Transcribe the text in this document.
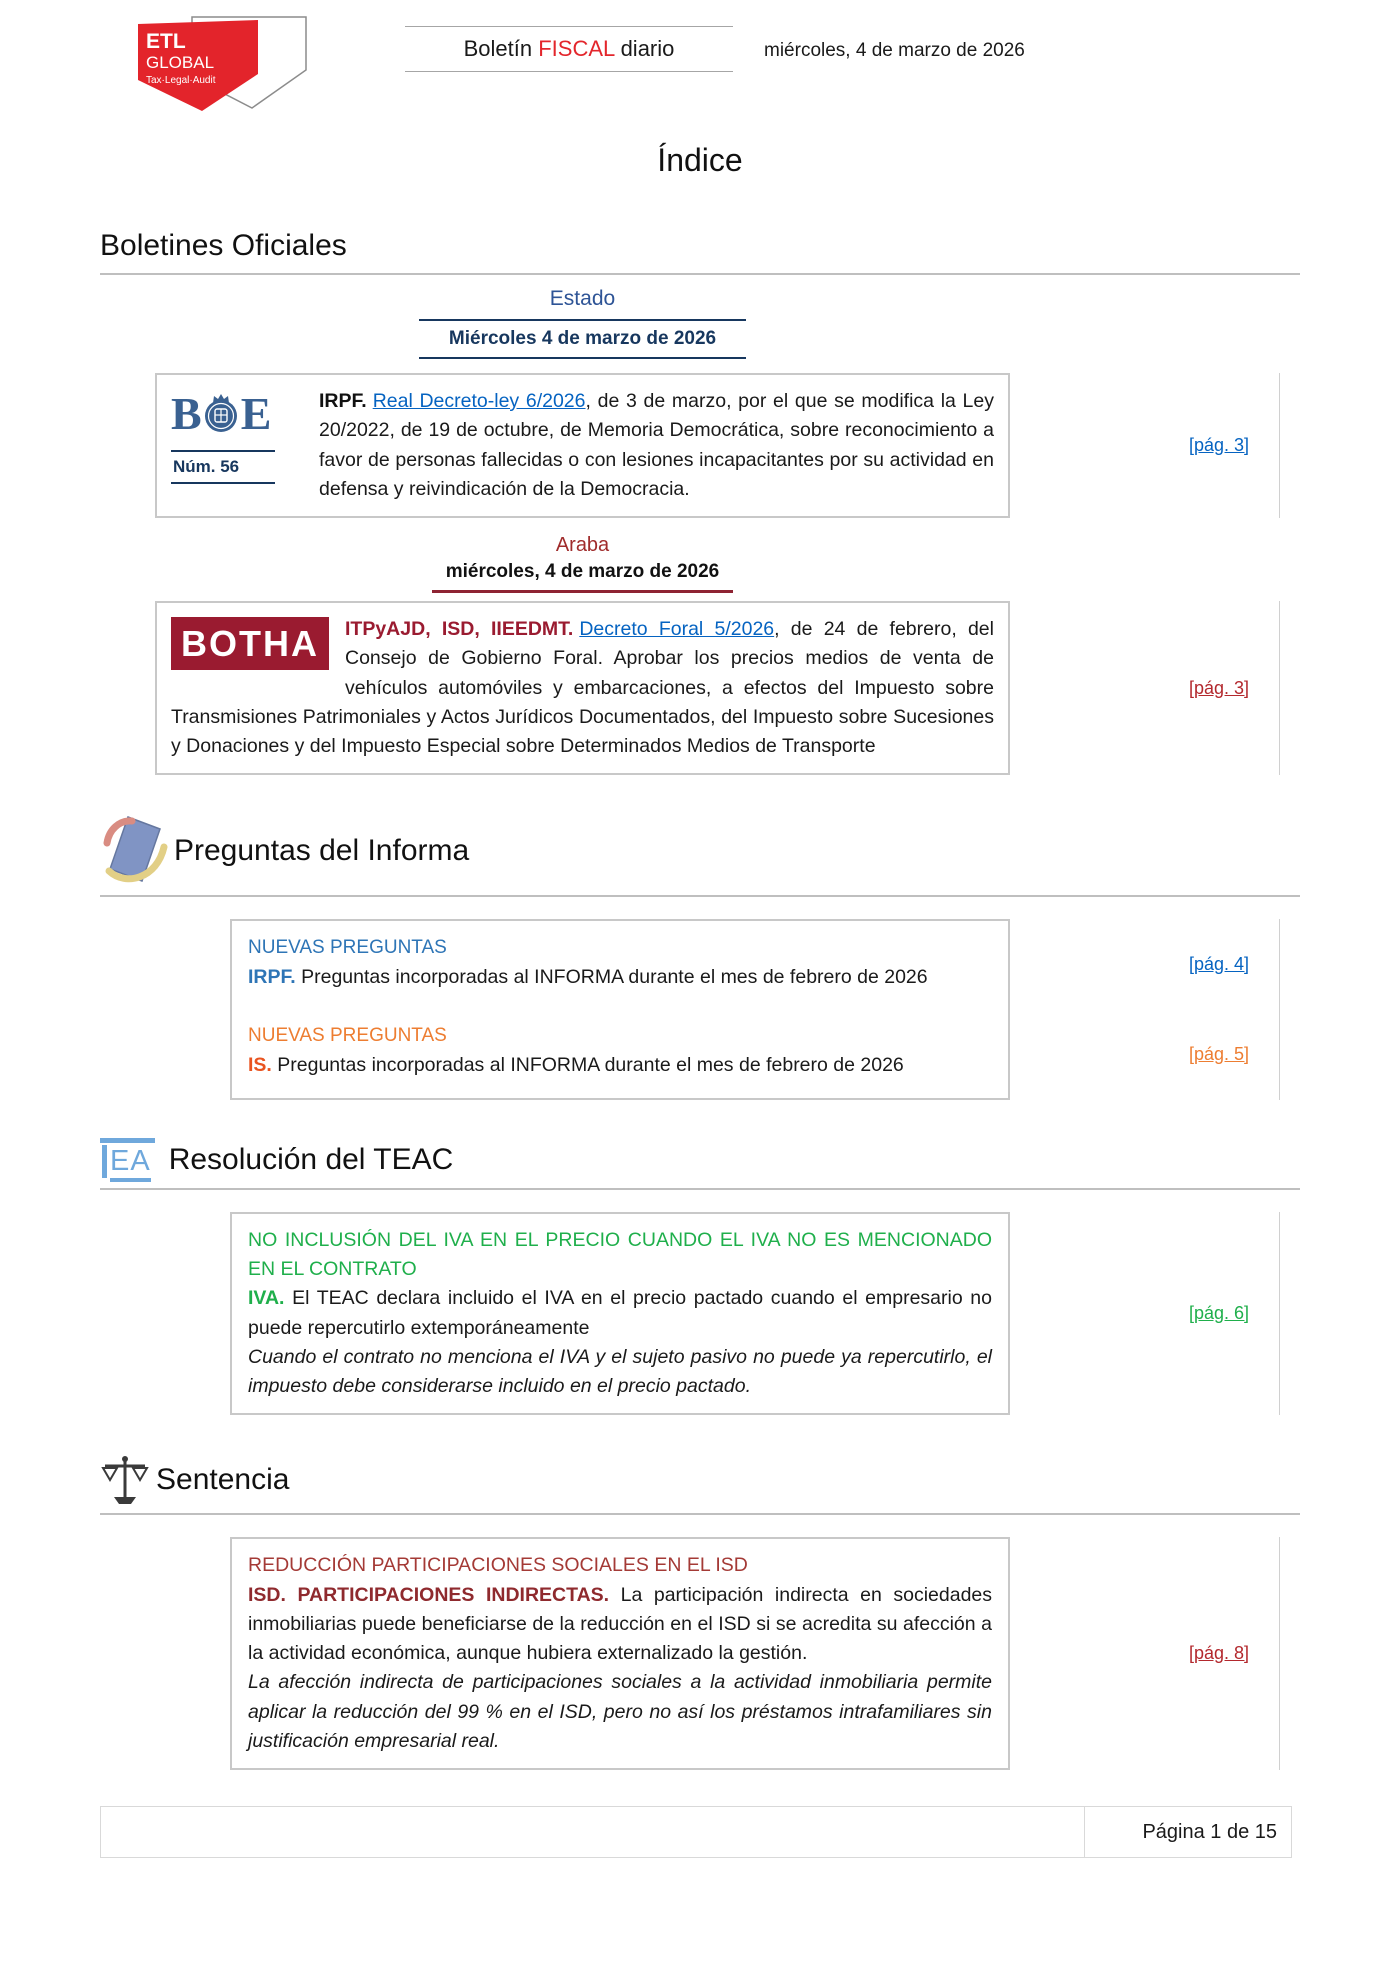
ETL
GLOBAL
Tax·Legal·Audit
Boletín FISCAL diario	miércoles, 4 de marzo de 2026
Índice
Boletines Oficiales
Estado
Miércoles 4 de marzo de 2026
B E
Núm. 56

IRPF. Real Decreto-ley 6/2026, de 3 de marzo, por el que se modifica la Ley 20/2022, de 19 de octubre, de Memoria Democrática, sobre reconocimiento a favor de personas fallecidas o con lesiones incapacitantes por su actividad en defensa y reivindicación de la Democracia.

[pág. 3]
Araba
miércoles, 4 de marzo de 2026
BOTHA	ITPyAJD, ISD, IIEEDMT. Decreto Foral 5/2026, de 24 de febrero, del Consejo de Gobierno Foral. Aprobar los precios medios de venta de vehículos automóviles y embarcaciones, a efectos del Impuesto sobre Transmisiones Patrimoniales y Actos Jurídicos Documentados, del Impuesto sobre Sucesiones y Donaciones y del Impuesto Especial sobre Determinados Medios de Transporte

[pág. 3]
Preguntas del Informa
NUEVAS PREGUNTAS

IRPF. Preguntas incorporadas al INFORMA durante el mes de febrero de 2026

NUEVAS PREGUNTAS

IS. Preguntas incorporadas al INFORMA durante el mes de febrero de 2026

[pág. 4]
[pág. 5]
EA Resolución del TEAC
NO INCLUSIÓN DEL IVA EN EL PRECIO CUANDO EL IVA NO ES MENCIONADO EN EL CONTRATO

IVA. El TEAC declara incluido el IVA en el precio pactado cuando el empresario no puede repercutirlo extemporáneamente

Cuando el contrato no menciona el IVA y el sujeto pasivo no puede ya repercutirlo, el impuesto debe considerarse incluido en el precio pactado.

[pág. 6]
Sentencia
REDUCCIÓN PARTICIPACIONES SOCIALES EN EL ISD

ISD. PARTICIPACIONES INDIRECTAS. La participación indirecta en sociedades inmobiliarias puede beneficiarse de la reducción en el ISD si se acredita su afección a la actividad económica, aunque hubiera externalizado la gestión.

La afección indirecta de participaciones sociales a la actividad inmobiliaria permite aplicar la reducción del 99 % en el ISD, pero no así los préstamos intrafamiliares sin justificación empresarial real.

[pág. 8]
Página 1 de 15
